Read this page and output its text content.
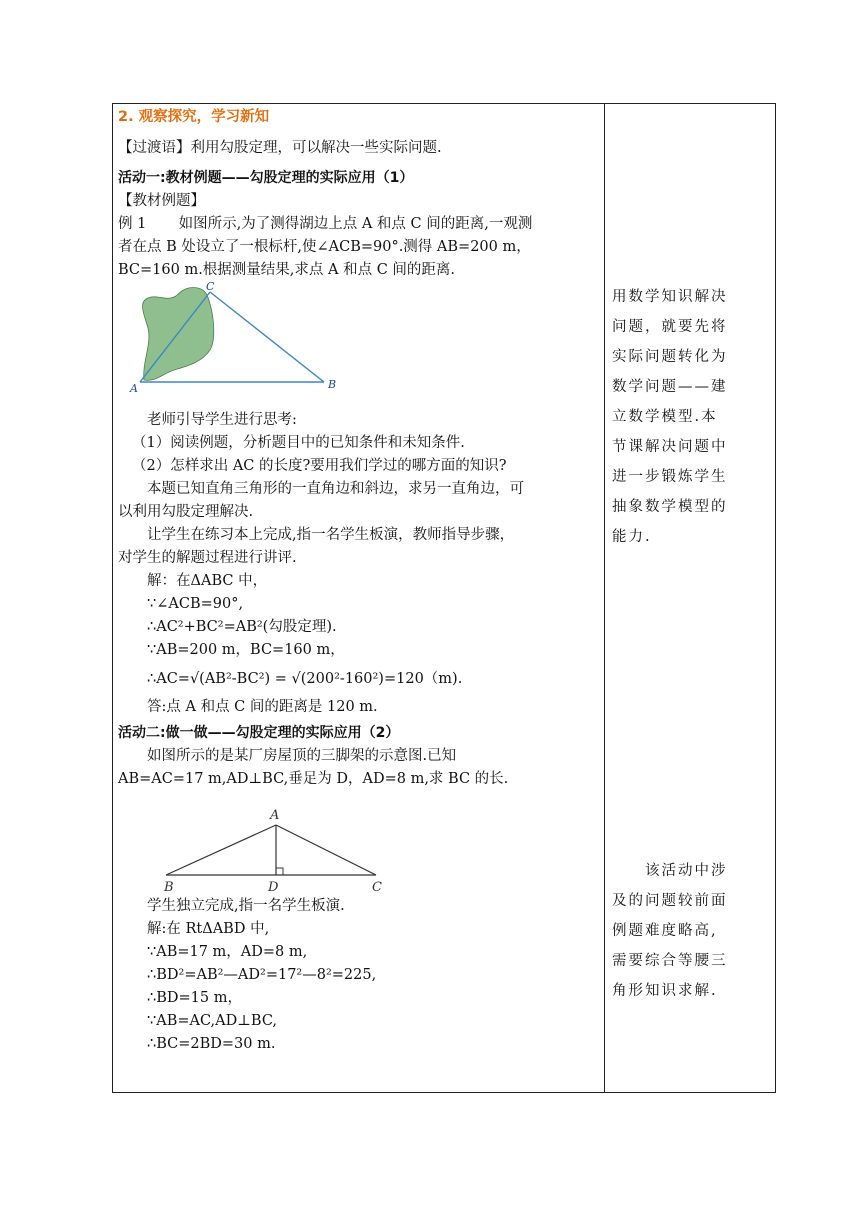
2. 观察探究，学习新知
【过渡语】利用勾股定理，可以解决一些实际问题.
活动一:教材例题——勾股定理的实际应用（1）
【教材例题】
例 1 如图所示,为了测得湖边上点 A 和点 C 间的距离,一观测
者在点 B 处设立了一根标杆,使∠ACB=90°.测得 AB=200 m，
BC=160 m.根据测量结果,求点 A 和点 C 间的距离.
A	B
C
老师引导学生进行思考:
（1）阅读例题，分析题目中的已知条件和未知条件.
（2）怎样求出 AC 的长度?要用我们学过的哪方面的知识?
本题已知直角三角形的一直角边和斜边，求另一直角边，可
以利用勾股定理解决.
让学生在练习本上完成,指一名学生板演，教师指导步骤，
对学生的解题过程进行讲评.
解：在ΔABC 中，
∵∠ACB=90°,
∴AC²+BC²=AB²(勾股定理).
∵AB=200 m，BC=160 m，
∴AC=√(AB²-BC²) = √(200²-160²)=120（m).
答:点 A 和点 C 间的距离是 120 m.
活动二:做一做——勾股定理的实际应用（2）
如图所示的是某厂房屋顶的三脚架的示意图.已知
AB=AC=17 m,AD⊥BC,垂足为 D，AD=8 m,求 BC 的长.
A
B	C
D
学生独立完成,指一名学生板演.
解:在 RtΔABD 中,
∵AB=17 m，AD=8 m,
∴BD²=AB²—AD²=17²—8²=225,
∴BD=15 m，
∵AB=AC,AD⊥BC,
∴BC=2BD=30 m.
用数学知识解决
问题，就要先将
实际问题转化为
数学问题——建
立数学模型.本
节课解决问题中
进一步锻炼学生
抽象数学模型的
能力.
该活动中涉
及的问题较前面
例题难度略高,
需要综合等腰三
角形知识求解.
